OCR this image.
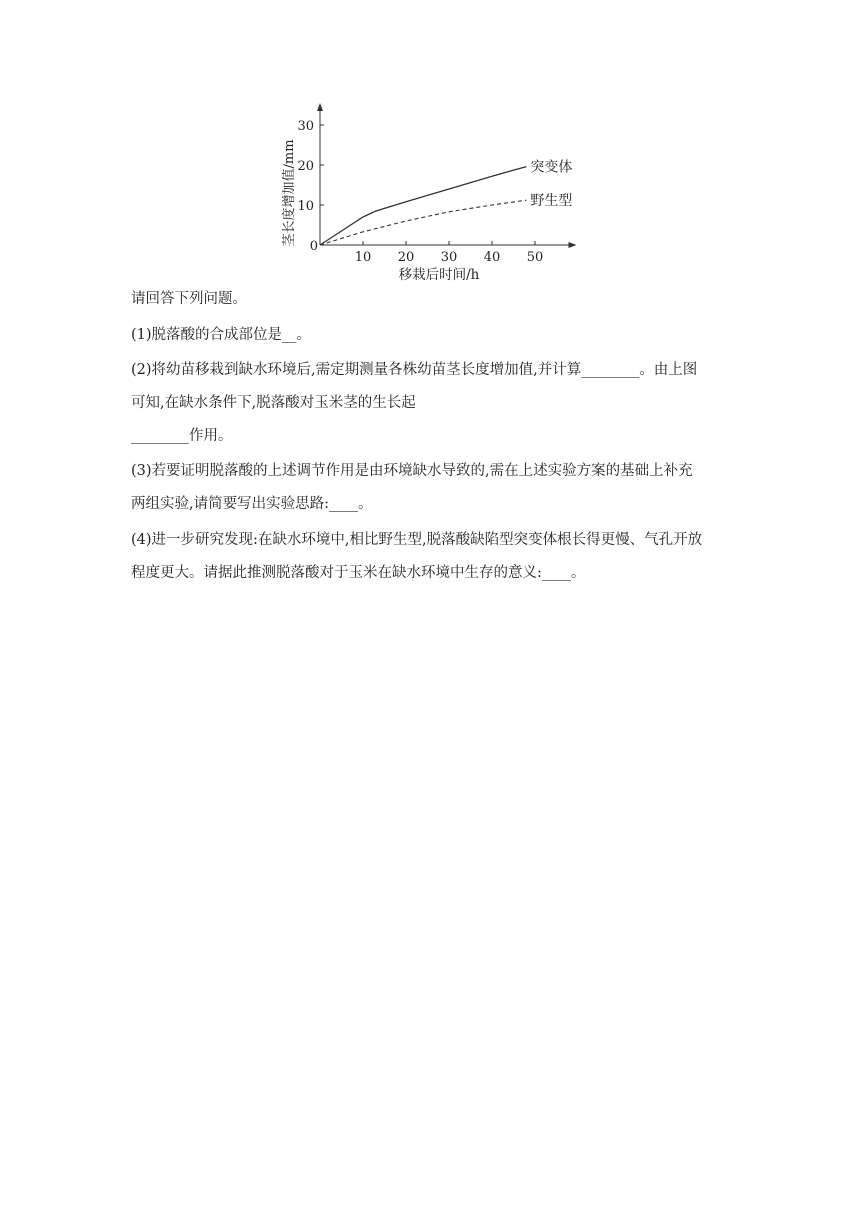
10 20 30 40 50
0
10
20
30
突变体
野生型
移栽后时间/h
茎长度增加值/mm
请回答下列问题。
(1)脱落酸的合成部位是__。
(2)将幼苗移栽到缺水环境后,需定期测量各株幼苗茎长度增加值,并计算________。由上图
可知,在缺水条件下,脱落酸对玉米茎的生长起
________作用。
(3)若要证明脱落酸的上述调节作用是由环境缺水导致的,需在上述实验方案的基础上补充
两组实验,请简要写出实验思路:____。
(4)进一步研究发现:在缺水环境中,相比野生型,脱落酸缺陷型突变体根长得更慢、气孔开放
程度更大。请据此推测脱落酸对于玉米在缺水环境中生存的意义:____。
